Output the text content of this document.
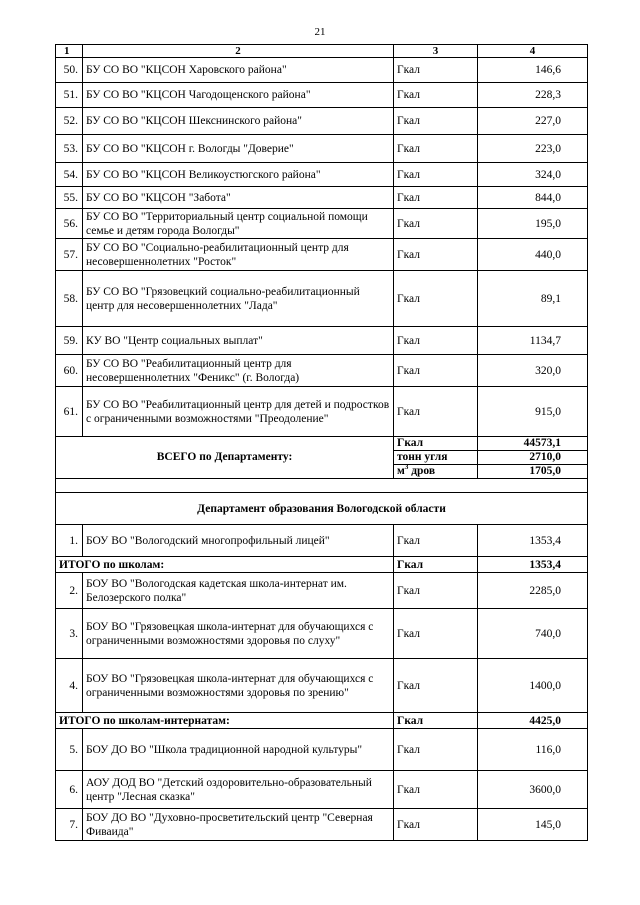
21
1	2	3	4
50.	БУ СО ВО "КЦСОН Харовского района"	Гкал	146,6
51.	БУ СО ВО "КЦСОН Чагодощенского района"	Гкал	228,3
52.	БУ СО ВО "КЦСОН Шекснинского района"	Гкал	227,0
53.	БУ СО ВО "КЦСОН г. Вологды "Доверие"	Гкал	223,0
54.	БУ СО ВО "КЦСОН Великоустюгского района"	Гкал	324,0
55.	БУ СО ВО "КЦСОН "Забота"	Гкал	844,0
56.	БУ СО ВО "Территориальный центр социальной помощи семье и детям города Вологды"	Гкал	195,0
57.	БУ СО ВО "Социально-реабилитационный центр для несовершеннолетних "Росток"	Гкал	440,0
58.	БУ СО ВО "Грязовецкий социально-реабилитационный центр для несовершеннолетних "Лада"	Гкал	89,1
59.	КУ ВО "Центр социальных выплат"	Гкал	1134,7
60.	БУ СО ВО "Реабилитационный центр для несовершеннолетних "Феникс" (г. Вологда)	Гкал	320,0
61.	БУ СО ВО "Реабилитационный центр для детей и подростков с ограниченными возможностями "Преодоление"	Гкал	915,0
ВСЕГО по Департаменту:		Гкал	44573,1
		тонн угля	2710,0
		$м^3$ дров	1705,0

Департамент образования Вологодской области			
1.	БОУ ВО "Вологодский многопрофильный лицей"	Гкал	1353,4
ИТОГО по школам:		Гкал	1353,4
2.	БОУ ВО "Вологодская кадетская школа-интернат им. Белозерского полка"	Гкал	2285,0
3.	БОУ ВО "Грязовецкая школа-интернат для обучающихся с ограниченными возможностями здоровья по слуху"	Гкал	740,0
4.	БОУ ВО "Грязовецкая школа-интернат для обучающихся с ограниченными возможностями здоровья по зрению"	Гкал	1400,0
ИТОГО по школам-интернатам:		Гкал	4425,0
5.	БОУ ДО ВО "Школа традиционной народной культуры"	Гкал	116,0
6.	АОУ ДОД ВО "Детский оздоровительно-образовательный центр "Лесная сказка"	Гкал	3600,0
7.	БОУ ДО ВО "Духовно-просветительский центр "Северная Фиваида"	Гкал	145,0
